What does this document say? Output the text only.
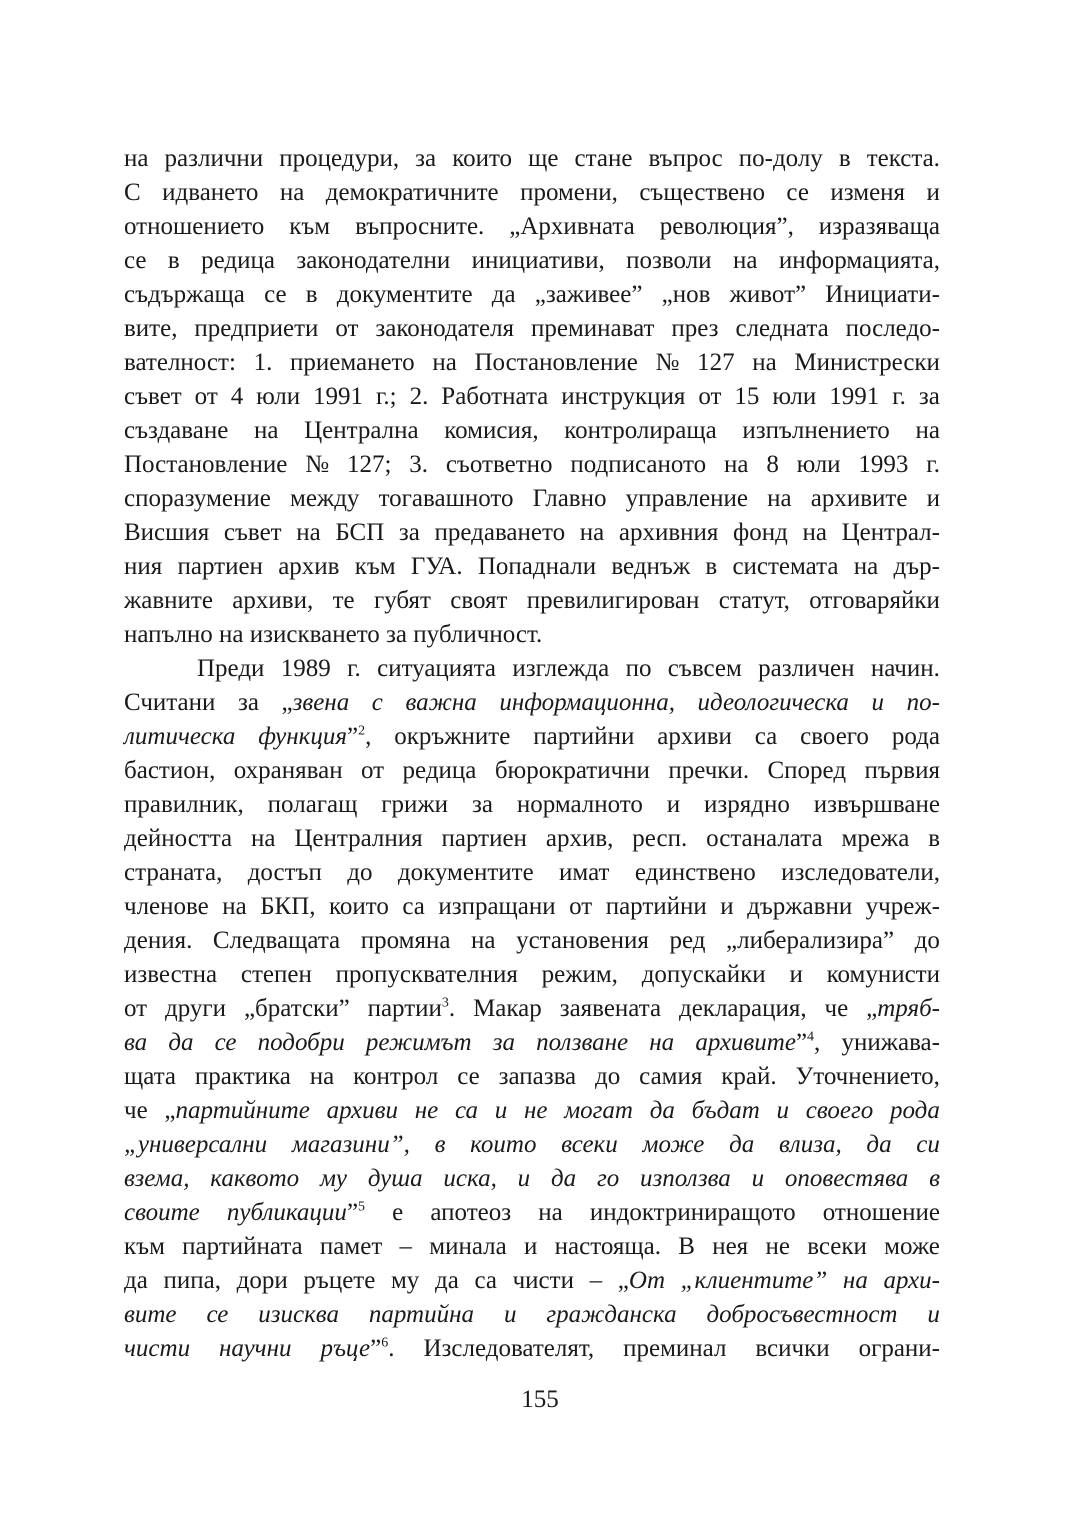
на различни процедури, за които ще стане въпрос по-долу в текста.
С идването на демократичните промени, съществено се изменя и
отношението към въпросните. „Архивната революция”, изразяваща
се в редица законодателни инициативи, позволи на информацията,
съдържаща се в документите да „заживее” „нов живот” Инициати-
вите, предприети от законодателя преминават през следната последо-
вателност: 1. приемането на Постановление № 127 на Министрески
съвет от 4 юли 1991 г.; 2. Работната инструкция от 15 юли 1991 г. за
създаване на Централна комисия, контролираща изпълнението на
Постановление № 127; 3. съответно подписаното на 8 юли 1993 г.
споразумение между тогавашното Главно управление на архивите и
Висшия съвет на БСП за предаването на архивния фонд на Централ-
ния партиен архив към ГУА. Попаднали веднъж в системата на дър-
жавните архиви, те губят своят превилигирован статут, отговаряйки
напълно на изискването за публичност.
Преди 1989 г. ситуацията изглежда по съвсем различен начин.
Считани за „звена с важна информационна, идеологическа и по-
литическа функция”$^2$, окръжните партийни архиви са своего рода
бастион, охраняван от редица бюрократични пречки. Според първия
правилник, полагащ грижи за нормалното и изрядно извършване
дейността на Централния партиен архив, респ. останалата мрежа в
страната, достъп до документите имат единствено изследователи,
членове на БКП, които са изпращани от партийни и държавни учреж-
дения. Следващата промяна на установения ред „либерализира” до
известна степен пропусквателния режим, допускайки и комунисти
от други „братски” партии$^3$. Макар заявената декларация, че „тряб-
ва да се подобри режимът за ползване на архивите”$^4$, унижава-
щата практика на контрол се запазва до самия край. Уточнението,
че „партийните архиви не са и не могат да бъдат и своего рода
„универсални магазини”, в които всеки може да влиза, да си
взема, каквото му душа иска, и да го използва и оповестява в
своите публикации”$^5$ е апотеоз на индоктриниращото отношение
към партийната памет – минала и настояща. В нея не всеки може
да пипа, дори ръцете му да са чисти – „От „клиентите” на архи-
вите се изисква партийна и гражданска добросъвестност и
чисти научни ръце”$^6$. Изследователят, преминал всички ограни-
155
